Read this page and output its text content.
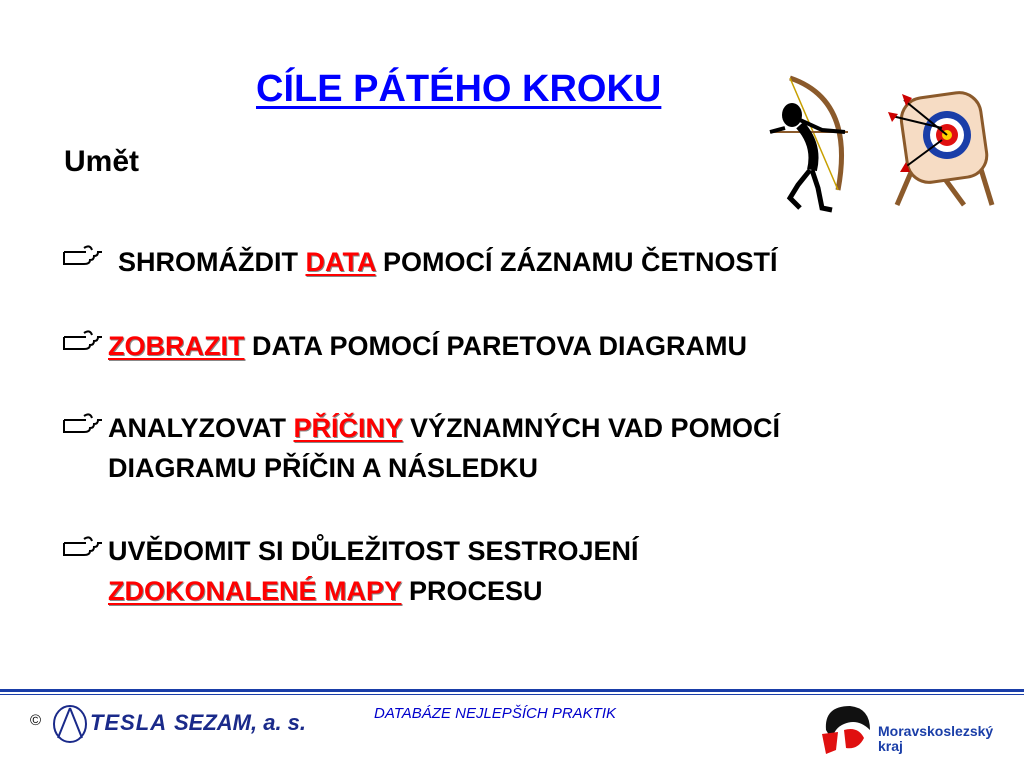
CÍLE PÁTÉHO KROKU
Umět
SHROMÁŽDIT DATA POMOCÍ ZÁZNAMU ČETNOSTÍ
ZOBRAZIT DATA POMOCÍ PARETOVA DIAGRAMU
ANALYZOVAT PŘÍČINY VÝZNAMNÝCH VAD POMOCÍ
DIAGRAMU PŘÍČIN A NÁSLEDKU
UVĚDOMIT SI DŮLEŽITOST SESTROJENÍ
ZDOKONALENÉ MAPY PROCESU
© TESLA SEZAM, a. s.	DATABÁZE NEJLEPŠÍCH PRAKTIK
Moravskoslezský kraj
